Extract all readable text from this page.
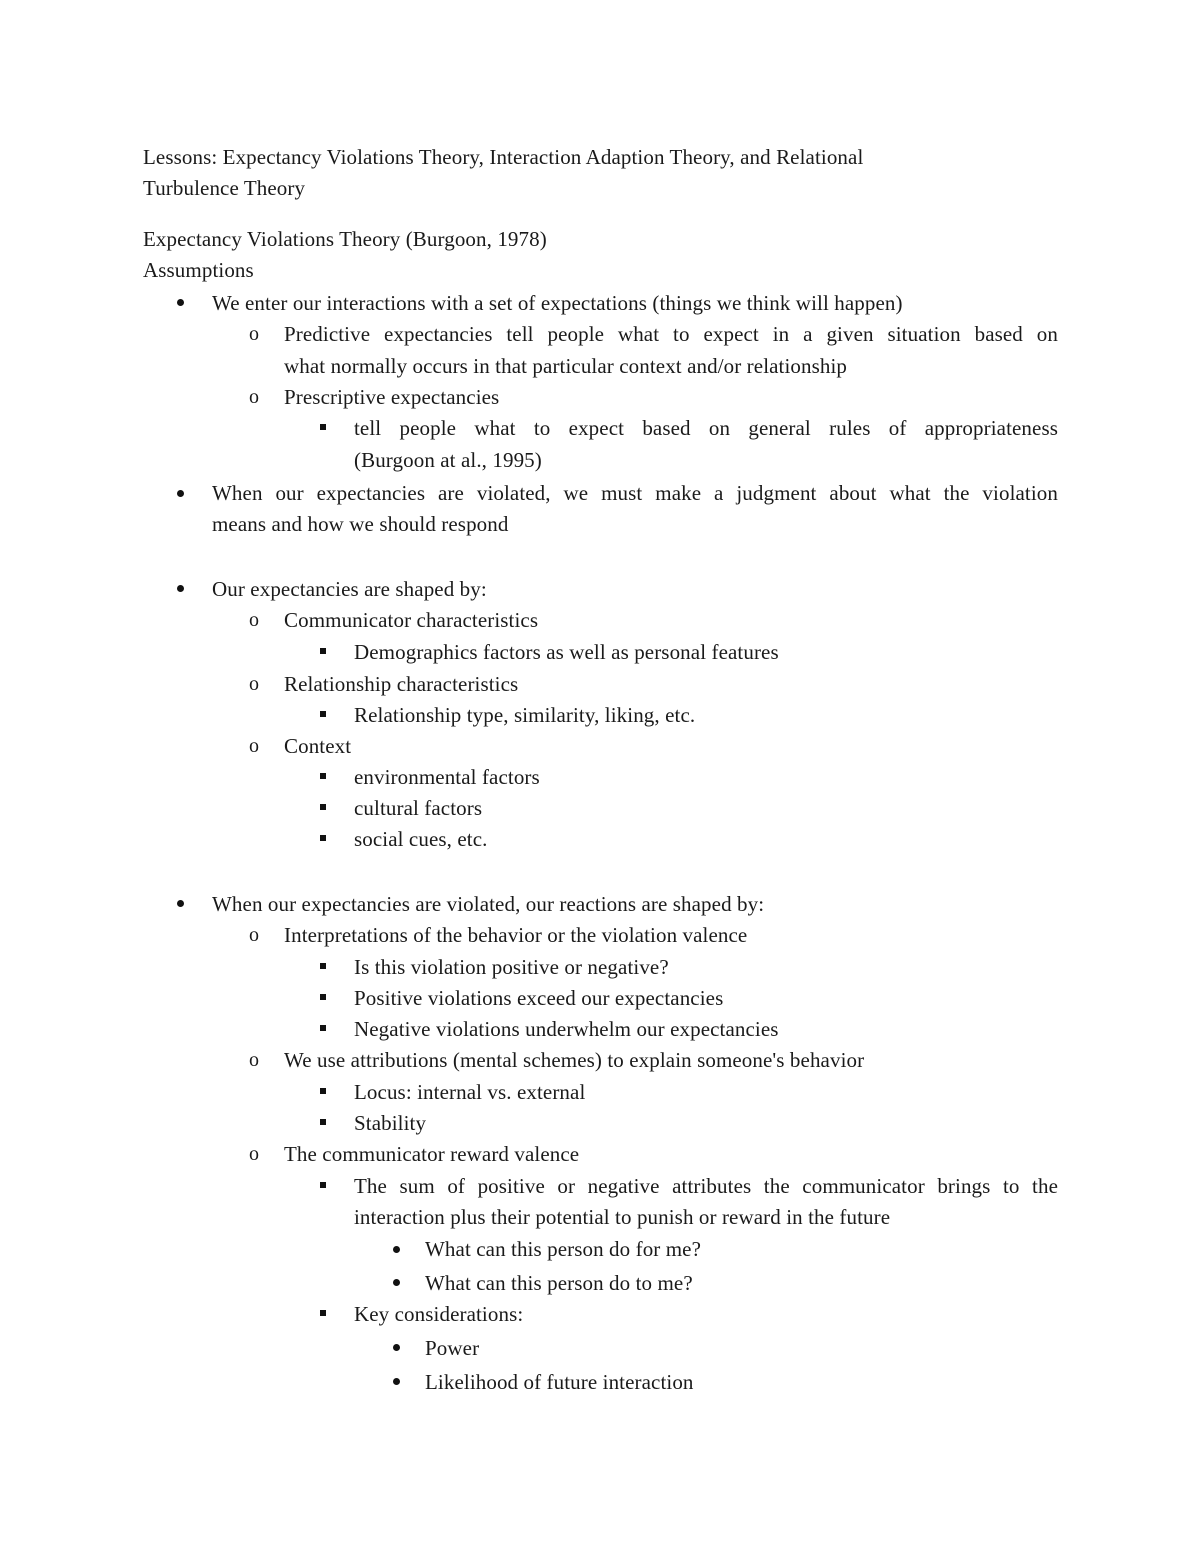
Lessons: Expectancy Violations Theory, Interaction Adaption Theory, and Relational
Turbulence Theory
Expectancy Violations Theory (Burgoon, 1978)
Assumptions
We enter our interactions with a set of expectations (things we think will happen)
o Predictive expectancies tell people what to expect in a given situation based on
what normally occurs in that particular context and/or relationship
o Prescriptive expectancies
tell people what to expect based on general rules of appropriateness
(Burgoon at al., 1995)
When our expectancies are violated, we must make a judgment about what the violation
means and how we should respond
Our expectancies are shaped by:
o Communicator characteristics
Demographics factors as well as personal features
o Relationship characteristics
Relationship type, similarity, liking, etc.
o Context
environmental factors
cultural factors
social cues, etc.
When our expectancies are violated, our reactions are shaped by:
o Interpretations of the behavior or the violation valence
Is this violation positive or negative?
Positive violations exceed our expectancies
Negative violations underwhelm our expectancies
o We use attributions (mental schemes) to explain someone's behavior
Locus: internal vs. external
Stability
o The communicator reward valence
The sum of positive or negative attributes the communicator brings to the
interaction plus their potential to punish or reward in the future
What can this person do for me?
What can this person do to me?
Key considerations:
Power
Likelihood of future interaction
